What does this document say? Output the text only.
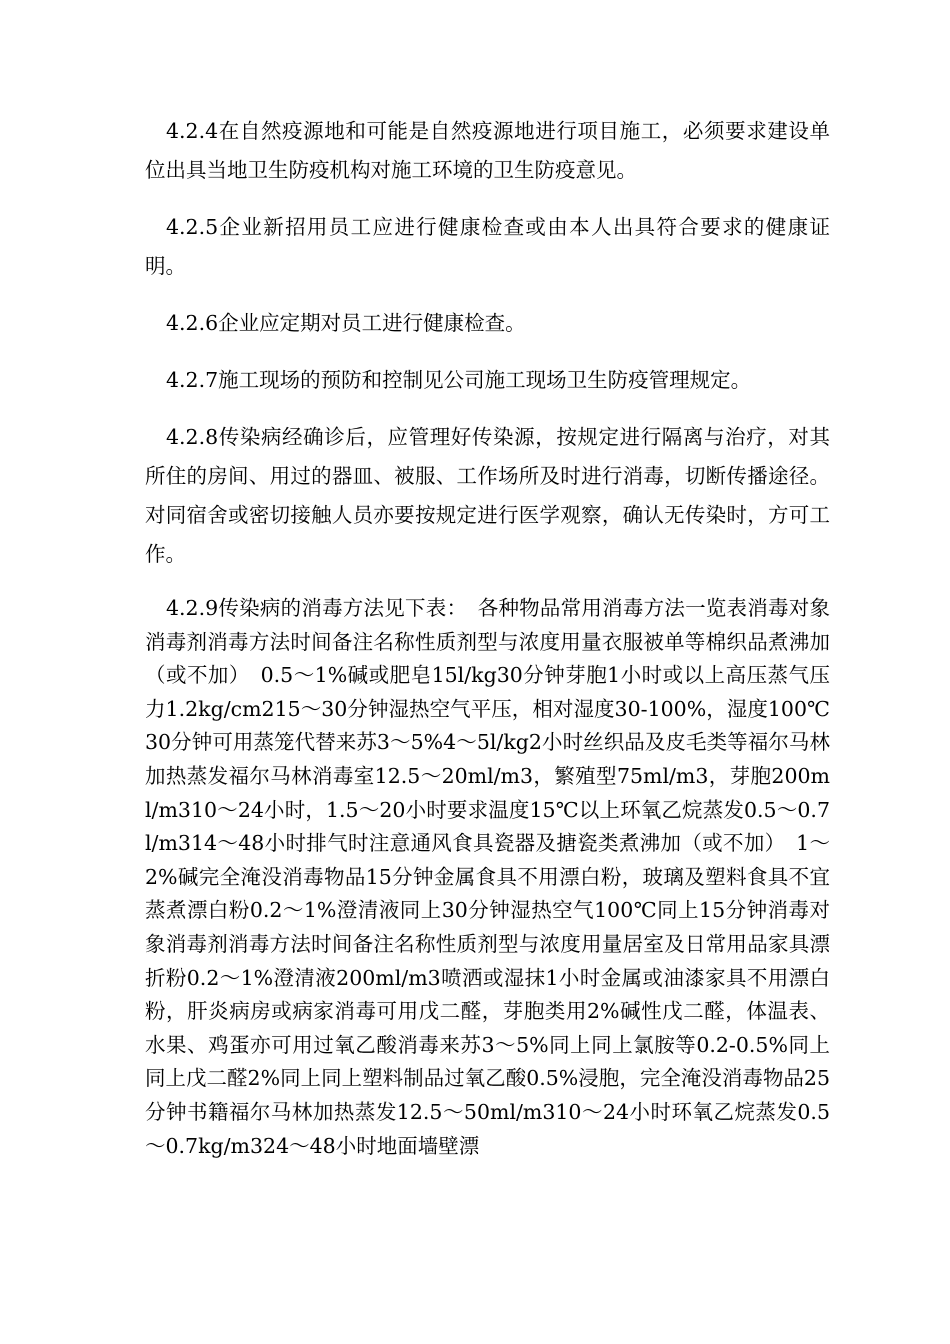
4.2.4在自然疫源地和可能是自然疫源地进行项目施工，必须要求建设单位出具当地卫生防疫机构对施工环境的卫生防疫意见。

4.2.5企业新招用员工应进行健康检查或由本人出具符合要求的健康证明。

4.2.6企业应定期对员工进行健康检查。

4.2.7施工现场的预防和控制见公司施工现场卫生防疫管理规定。

4.2.8传染病经确诊后，应管理好传染源，按规定进行隔离与治疗，对其所住的房间、用过的器皿、被服、工作场所及时进行消毒，切断传播途径。对同宿舍或密切接触人员亦要按规定进行医学观察，确认无传染时，方可工作。

4.2.9传染病的消毒方法见下表：　各种物品常用消毒方法一览表消毒对象消毒剂消毒方法时间备注名称性质剂型与浓度用量衣服被单等棉织品煮沸加（或不加）　0.5～1%碱或肥皂15l/kg30分钟芽胞1小时或以上高压蒸气压力1.2kg/cm215～30分钟湿热空气平压，相对湿度30-100%，湿度100℃30分钟可用蒸笼代替来苏3～5%4～5l/kg2小时丝织品及皮毛类等福尔马林加热蒸发福尔马林消毒室12.5～20ml/m3，繁殖型75ml/m3，芽胞200ml/m310～24小时，1.5～20小时要求温度15℃以上环氧乙烷蒸发0.5～0.7l/m314～48小时排气时注意通风食具瓷器及搪瓷类煮沸加（或不加）　1～2%碱完全淹没消毒物品15分钟金属食具不用漂白粉，玻璃及塑料食具不宜蒸煮漂白粉0.2～1%澄清液同上30分钟湿热空气100℃同上15分钟消毒对象消毒剂消毒方法时间备注名称性质剂型与浓度用量居室及日常用品家具漂折粉0.2～1%澄清液200ml/m3喷洒或湿抹1小时金属或油漆家具不用漂白粉，肝炎病房或病家消毒可用戊二醛，芽胞类用2%碱性戊二醛，体温表、水果、鸡蛋亦可用过氧乙酸消毒来苏3～5%同上同上氯胺等0.2-0.5%同上同上戊二醛2%同上同上塑料制品过氧乙酸0.5%浸胞，完全淹没消毒物品25分钟书籍福尔马林加热蒸发12.5～50ml/m310～24小时环氧乙烷蒸发0.5～0.7kg/m324～48小时地面墙壁漂
